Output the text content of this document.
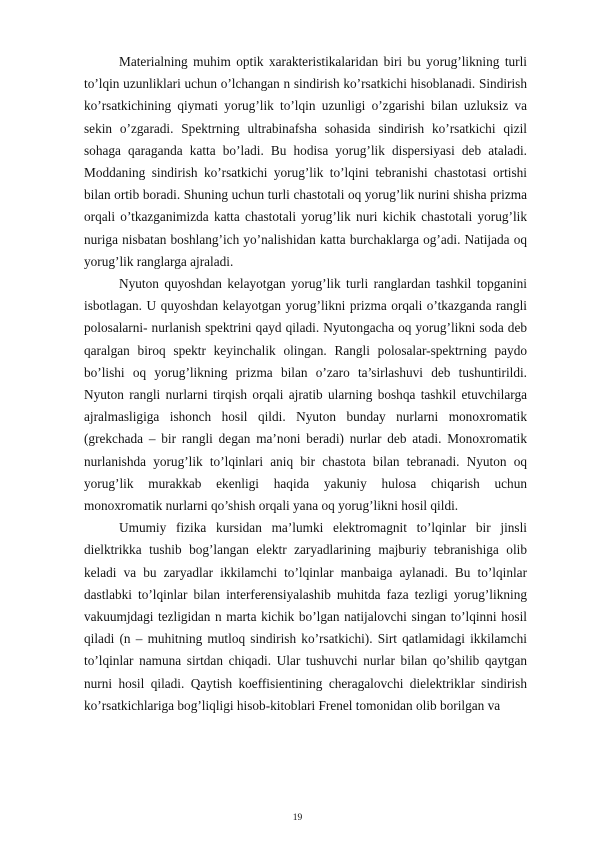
Materialning muhim optik xarakteristikalaridan biri bu yorug’likning turli to’lqin uzunliklari uchun o’lchangan n sindirish ko’rsatkichi hisoblanadi. Sindirish ko’rsatkichining qiymati yorug’lik to’lqin uzunligi o’zgarishi bilan uzluksiz va sekin o’zgaradi. Spektrning ultrabinafsha sohasida sindirish ko’rsatkichi qizil sohaga qaraganda katta bo’ladi. Bu hodisa yorug’lik dispersiyasi deb ataladi. Moddaning sindirish ko’rsatkichi yorug’lik to’lqini tebranishi chastotasi ortishi bilan ortib boradi. Shuning uchun turli chastotali oq yorug’lik nurini shisha prizma orqali o’tkazganimizda katta chastotali yorug’lik nuri kichik chastotali yorug’lik nuriga nisbatan boshlang’ich yo’nalishidan katta burchaklarga og’adi. Natijada oq yorug’lik ranglarga ajraladi.

Nyuton quyoshdan kelayotgan yorug’lik turli ranglardan tashkil topganini isbotlagan. U quyoshdan kelayotgan yorug’likni prizma orqali o’tkazganda rangli polosalarni- nurlanish spektrini qayd qiladi. Nyutongacha oq yorug’likni soda deb qaralgan biroq spektr keyinchalik olingan. Rangli polosalar-spektrning paydo bo’lishi oq yorug’likning prizma bilan o’zaro ta’sirlashuvi deb tushuntirildi. Nyuton rangli nurlarni tirqish orqali ajratib ularning boshqa tashkil etuvchilarga ajralmasligiga ishonch hosil qildi. Nyuton bunday nurlarni monoxromatik (grekchada – bir rangli degan ma’noni beradi) nurlar deb atadi. Monoxromatik nurlanishda yorug’lik to’lqinlari aniq bir chastota bilan tebranadi. Nyuton oq yorug’lik murakkab ekenligi haqida yakuniy hulosa chiqarish uchun monoxromatik nurlarni qo’shish orqali yana oq yorug’likni hosil qildi.

Umumiy fizika kursidan ma’lumki elektromagnit to’lqinlar bir jinsli dielktrikka tushib bog’langan elektr zaryadlarining majburiy tebranishiga olib keladi va bu zaryadlar ikkilamchi to’lqinlar manbaiga aylanadi. Bu to’lqinlar dastlabki to’lqinlar bilan interferensiyalashib muhitda faza tezligi yorug’likning vakuumjdagi tezligidan n marta kichik bo’lgan natijalovchi singan to’lqinni hosil qiladi (n – muhitning mutloq sindirish ko’rsatkichi). Sirt qatlamidagi ikkilamchi to’lqinlar namuna sirtdan chiqadi. Ular tushuvchi nurlar bilan qo’shilib qaytgan nurni hosil qiladi. Qaytish koeffisientining cheragalovchi dielektriklar sindirish ko’rsatkichlariga bog’liqligi hisob-kitoblari Frenel tomonidan olib borilgan va

19
